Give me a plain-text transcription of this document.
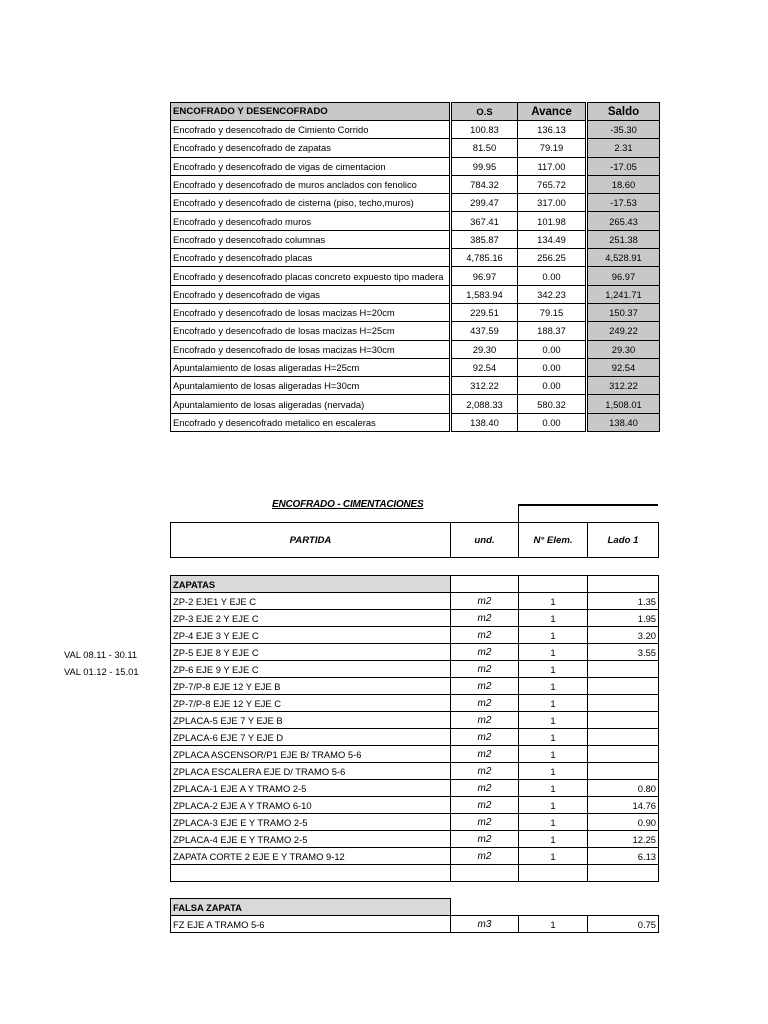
ENCOFRADO Y DESENCOFRADO	O.S	Avance	Saldo
Encofrado y desencofrado de Cimiento Corrido	100.83	136.13	-35.30
Encofrado y desencofrado de zapatas	81.50	79.19	2.31
Encofrado y desencofrado de vigas de cimentacion	99.95	117.00	-17.05
Encofrado y desencofrado de muros anclados con fenolico	784.32	765.72	18.60
Encofrado y desencofrado de cisterna (piso, techo,muros)	299.47	317.00	-17.53
Encofrado y desencofrado muros	367.41	101.98	265.43
Encofrado y desencofrado columnas	385.87	134.49	251.38
Encofrado y desencofrado placas	4,785.16	256.25	4,528.91
Encofrado y desencofrado placas concreto expuesto tipo madera	96.97	0.00	96.97
Encofrado y desencofrado de vigas	1,583.94	342.23	1,241.71
Encofrado y desencofrado de losas macizas H=20cm	229.51	79.15	150.37
Encofrado y desencofrado de losas macizas H=25cm	437.59	188.37	249.22
Encofrado y desencofrado de losas macizas H=30cm	29.30	0.00	29.30
Apuntalamiento de losas aligeradas H=25cm	92.54	0.00	92.54
Apuntalamiento de losas aligeradas H=30cm	312.22	0.00	312.22
Apuntalamiento de losas aligeradas (nervada)	2,088.33	580.32	1,508.01
Encofrado y desencofrado metalico en escaleras	138.40	0.00	138.40
ENCOFRADO - CIMENTACIONES
PARTIDA	und.	N° Elem.	Lado 1

ZAPATAS			
ZP-2 EJE1 Y EJE C	m2	1	1.35
ZP-3 EJE 2 Y EJE C	m2	1	1.95
ZP-4 EJE 3 Y EJE C	m2	1	3.20
ZP-5 EJE 8 Y EJE C	m2	1	3.55
ZP-6 EJE 9 Y EJE C	m2	1	
ZP-7/P-8 EJE 12 Y EJE B	m2	1	
ZP-7/P-8 EJE 12 Y EJE C	m2	1	
ZPLACA-5 EJE 7 Y EJE B	m2	1	
ZPLACA-6 EJE 7 Y EJE D	m2	1	
ZPLACA ASCENSOR/P1 EJE B/ TRAMO 5-6	m2	1	
ZPLACA ESCALERA EJE D/ TRAMO 5-6	m2	1	
ZPLACA-1 EJE A Y TRAMO 2-5	m2	1	0.80
ZPLACA-2 EJE A Y TRAMO 6-10	m2	1	14.76
ZPLACA-3 EJE E Y TRAMO 2-5	m2	1	0.90
ZPLACA-4 EJE E Y TRAMO 2-5	m2	1	12.25
ZAPATA CORTE 2 EJE E Y TRAMO 9-12	m2	1	6.13

FALSA ZAPATA			
FZ EJE A TRAMO 5-6	m3	1	0.75
VAL 08.11 - 30.11
VAL 01.12 - 15.01
